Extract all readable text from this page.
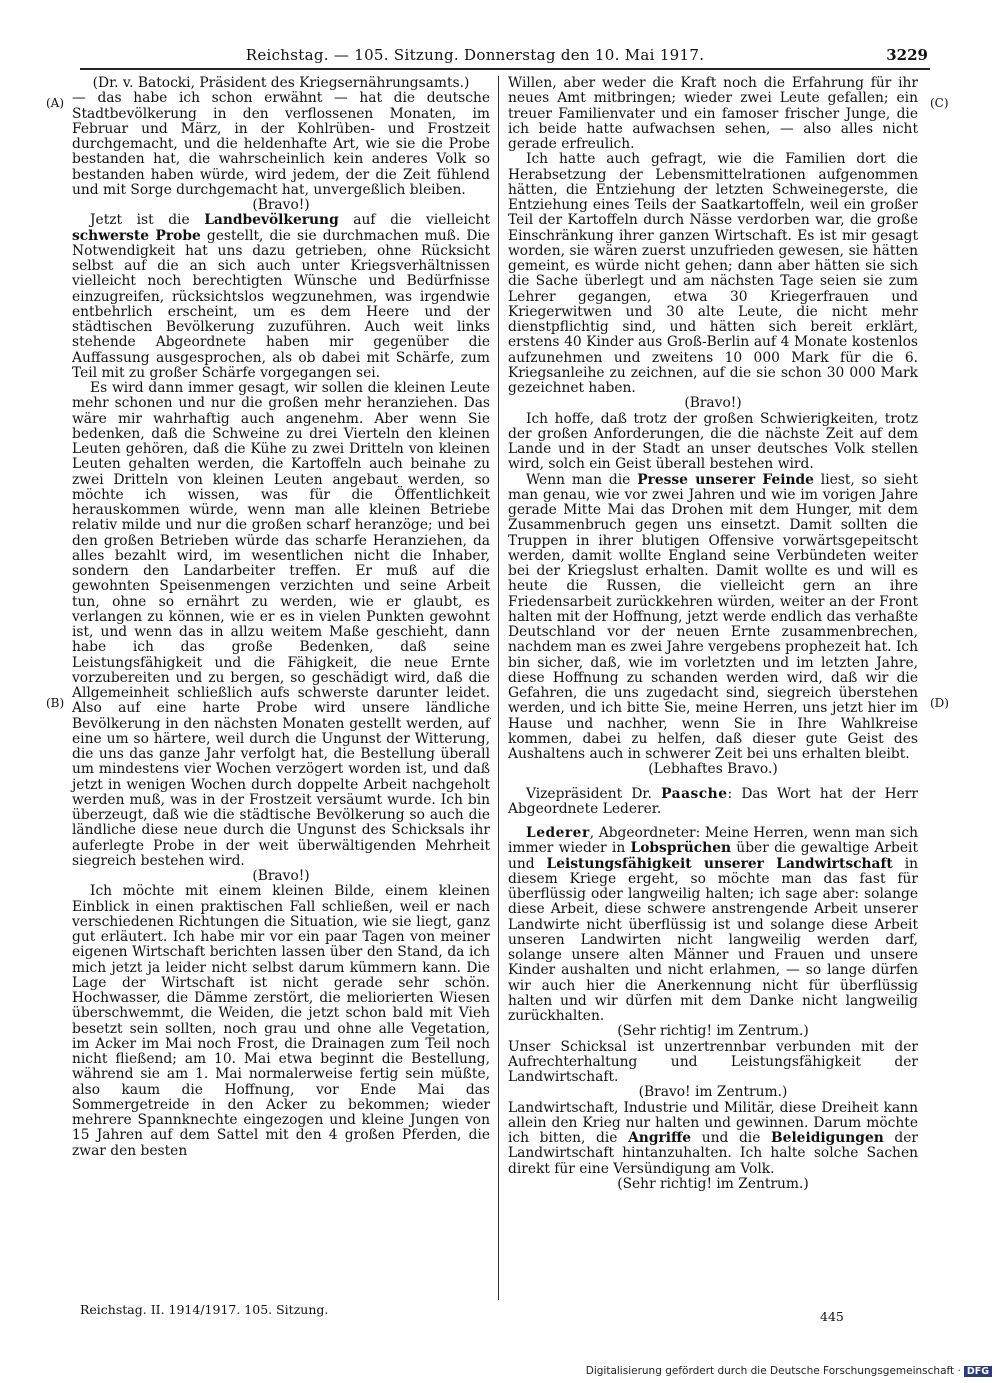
Reichstag. — 105. Sitzung. Donnerstag den 10. Mai 1917.	3229
(A)
(B)
(C)
(D)

(Dr. v. Batocki, Präsident des Kriegsernährungsamts.)

— das habe ich schon erwähnt — hat die deutsche Stadtbevölkerung in den verflossenen Monaten, im Februar und März, in der Kohlrüben- und Frostzeit durchgemacht, und die heldenhafte Art, wie sie die Probe bestanden hat, die wahrscheinlich kein anderes Volk so bestanden haben würde, wird jedem, der die Zeit fühlend und mit Sorge durchgemacht hat, unvergeßlich bleiben.

(Bravo!)

Jetzt ist die Landbevölkerung auf die vielleicht schwerste Probe gestellt, die sie durchmachen muß. Die Notwendigkeit hat uns dazu getrieben, ohne Rücksicht selbst auf die an sich auch unter Kriegsverhältnissen vielleicht noch berechtigten Wünsche und Bedürfnisse einzugreifen, rücksichtslos wegzunehmen, was irgendwie entbehrlich erscheint, um es dem Heere und der städtischen Bevölkerung zuzuführen. Auch weit links stehende Abgeordnete haben mir gegenüber die Auffassung ausgesprochen, als ob dabei mit Schärfe, zum Teil mit zu großer Schärfe vorgegangen sei.

Es wird dann immer gesagt, wir sollen die kleinen Leute mehr schonen und nur die großen mehr heranziehen. Das wäre mir wahrhaftig auch angenehm. Aber wenn Sie bedenken, daß die Schweine zu drei Vierteln den kleinen Leuten gehören, daß die Kühe zu zwei Dritteln von kleinen Leuten gehalten werden, die Kartoffeln auch beinahe zu zwei Dritteln von kleinen Leuten angebaut werden, so möchte ich wissen, was für die Öffentlichkeit herauskommen würde, wenn man alle kleinen Betriebe relativ milde und nur die großen scharf heranzöge; und bei den großen Betrieben würde das scharfe Heranziehen, da alles bezahlt wird, im wesentlichen nicht die Inhaber, sondern den Landarbeiter treffen. Er muß auf die gewohnten Speisenmengen verzichten und seine Arbeit tun, ohne so ernährt zu werden, wie er glaubt, es verlangen zu können, wie er es in vielen Punkten gewohnt ist, und wenn das in allzu weitem Maße geschieht, dann habe ich das große Bedenken, daß seine Leistungsfähigkeit und die Fähigkeit, die neue Ernte vorzubereiten und zu bergen, so geschädigt wird, daß die Allgemeinheit schließlich aufs schwerste darunter leidet. Also auf eine harte Probe wird unsere ländliche Bevölkerung in den nächsten Monaten gestellt werden, auf eine um so härtere, weil durch die Ungunst der Witterung, die uns das ganze Jahr verfolgt hat, die Bestellung überall um mindestens vier Wochen verzögert worden ist, und daß jetzt in wenigen Wochen durch doppelte Arbeit nachgeholt werden muß, was in der Frostzeit versäumt wurde. Ich bin überzeugt, daß wie die städtische Bevölkerung so auch die ländliche diese neue durch die Ungunst des Schicksals ihr auferlegte Probe in der weit überwältigenden Mehrheit siegreich bestehen wird.

(Bravo!)

Ich möchte mit einem kleinen Bilde, einem kleinen Einblick in einen praktischen Fall schließen, weil er nach verschiedenen Richtungen die Situation, wie sie liegt, ganz gut erläutert. Ich habe mir vor ein paar Tagen von meiner eigenen Wirtschaft berichten lassen über den Stand, da ich mich jetzt ja leider nicht selbst darum kümmern kann. Die Lage der Wirtschaft ist nicht gerade sehr schön. Hochwasser, die Dämme zerstört, die meliorierten Wiesen überschwemmt, die Weiden, die jetzt schon bald mit Vieh besetzt sein sollten, noch grau und ohne alle Vegetation, im Acker im Mai noch Frost, die Drainagen zum Teil noch nicht fließend; am 10. Mai etwa beginnt die Bestellung, während sie am 1. Mai normalerweise fertig sein müßte, also kaum die Hoffnung, vor Ende Mai das Sommergetreide in den Acker zu bekommen; wieder mehrere Spannknechte eingezogen und kleine Jungen von 15 Jahren auf dem Sattel mit den 4 großen Pferden, die zwar den besten

Willen, aber weder die Kraft noch die Erfahrung für ihr neues Amt mitbringen; wieder zwei Leute gefallen; ein treuer Familienvater und ein famoser frischer Junge, die ich beide hatte aufwachsen sehen, — also alles nicht gerade erfreulich.

Ich hatte auch gefragt, wie die Familien dort die Herabsetzung der Lebensmittelrationen aufgenommen hätten, die Entziehung der letzten Schweinegerste, die Entziehung eines Teils der Saatkartoffeln, weil ein großer Teil der Kartoffeln durch Nässe verdorben war, die große Einschränkung ihrer ganzen Wirtschaft. Es ist mir gesagt worden, sie wären zuerst unzufrieden gewesen, sie hätten gemeint, es würde nicht gehen; dann aber hätten sie sich die Sache überlegt und am nächsten Tage seien sie zum Lehrer gegangen, etwa 30 Kriegerfrauen und Kriegerwitwen und 30 alte Leute, die nicht mehr dienstpflichtig sind, und hätten sich bereit erklärt, erstens 40 Kinder aus Groß-Berlin auf 4 Monate kostenlos aufzunehmen und zweitens 10 000 Mark für die 6. Kriegsanleihe zu zeichnen, auf die sie schon 30 000 Mark gezeichnet haben.

(Bravo!)

Ich hoffe, daß trotz der großen Schwierigkeiten, trotz der großen Anforderungen, die die nächste Zeit auf dem Lande und in der Stadt an unser deutsches Volk stellen wird, solch ein Geist überall bestehen wird.

Wenn man die Presse unserer Feinde liest, so sieht man genau, wie vor zwei Jahren und wie im vorigen Jahre gerade Mitte Mai das Drohen mit dem Hunger, mit dem Zusammenbruch gegen uns einsetzt. Damit sollten die Truppen in ihrer blutigen Offensive vorwärtsgepeitscht werden, damit wollte England seine Verbündeten weiter bei der Kriegslust erhalten. Damit wollte es und will es heute die Russen, die vielleicht gern an ihre Friedensarbeit zurückkehren würden, weiter an der Front halten mit der Hoffnung, jetzt werde endlich das verhaßte Deutschland vor der neuen Ernte zusammenbrechen, nachdem man es zwei Jahre vergebens prophezeit hat. Ich bin sicher, daß, wie im vorletzten und im letzten Jahre, diese Hoffnung zu schanden werden wird, daß wir die Gefahren, die uns zugedacht sind, siegreich überstehen werden, und ich bitte Sie, meine Herren, uns jetzt hier im Hause und nachher, wenn Sie in Ihre Wahlkreise kommen, dabei zu helfen, daß dieser gute Geist des Aushaltens auch in schwerer Zeit bei uns erhalten bleibt.

(Lebhaftes Bravo.)

Vizepräsident Dr. Paasche: Das Wort hat der Herr Abgeordnete Lederer.

Lederer, Abgeordneter: Meine Herren, wenn man sich immer wieder in Lobsprüchen über die gewaltige Arbeit und Leistungsfähigkeit unserer Landwirtschaft in diesem Kriege ergeht, so möchte man das fast für überflüssig oder langweilig halten; ich sage aber: solange diese Arbeit, diese schwere anstrengende Arbeit unserer Landwirte nicht überflüssig ist und solange diese Arbeit unseren Landwirten nicht langweilig werden darf, solange unsere alten Männer und Frauen und unsere Kinder aushalten und nicht erlahmen, — so lange dürfen wir auch hier die Anerkennung nicht für überflüssig halten und wir dürfen mit dem Danke nicht langweilig zurückhalten.

(Sehr richtig! im Zentrum.)

Unser Schicksal ist unzertrennbar verbunden mit der Aufrechterhaltung und Leistungsfähigkeit der Landwirtschaft.

(Bravo! im Zentrum.)

Landwirtschaft, Industrie und Militär, diese Dreiheit kann allein den Krieg nur halten und gewinnen. Darum möchte ich bitten, die Angriffe und die Beleidigungen der Landwirtschaft hintanzuhalten. Ich halte solche Sachen direkt für eine Versündigung am Volk.

(Sehr richtig! im Zentrum.)

Reichstag. II. 1914/1917. 105. Sitzung.	445
Digitalisierung gefördert durch die Deutsche Forschungsgemeinschaft · DFG
